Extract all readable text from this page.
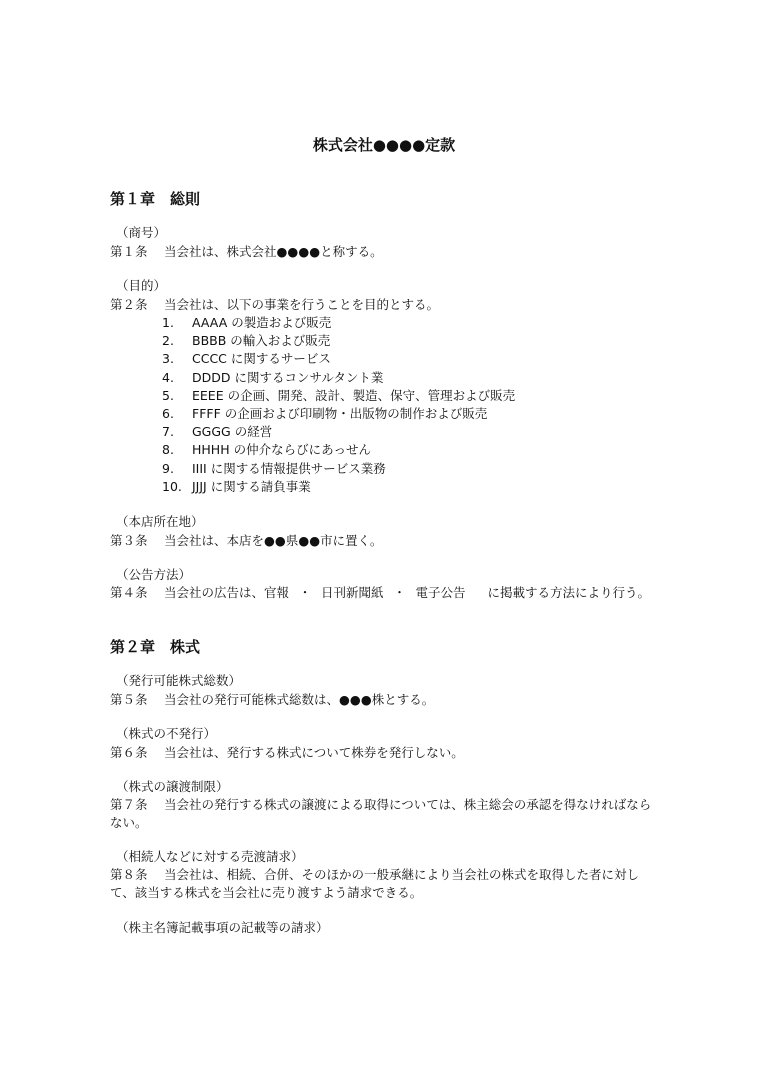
株式会社●●●●定款
第１章　総則
（商号）
第１条 当会社は、株式会社●●●●と称する。
（目的）
第２条 当会社は、以下の事業を行うことを目的とする。
1. AAAA の製造および販売
2. BBBB の輸入および販売
3. CCCC に関するサービス
4. DDDD に関するコンサルタント業
5. EEEE の企画、開発、設計、製造、保守、管理および販売
6. FFFF の企画および印刷物・出版物の制作および販売
7. GGGG の経営
8. HHHH の仲介ならびにあっせん
9. IIII に関する情報提供サービス業務
10. JJJJ に関する請負事業
（本店所在地）
第３条 当会社は、本店を●●県●●市に置く。
（公告方法）
第４条 当会社の広告は、官報 ・ 日刊新聞紙 ・ 電子公告 に掲載する方法により行う。
第２章　株式
（発行可能株式総数）
第５条 当会社の発行可能株式総数は、●●●株とする。
（株式の不発行）
第６条 当会社は、発行する株式について株券を発行しない。
（株式の譲渡制限）
第７条 当会社の発行する株式の譲渡による取得については、株主総会の承認を得なければならない。
（相続人などに対する売渡請求）
第８条 当会社は、相続、合併、そのほかの一般承継により当会社の株式を取得した者に対して、該当する株式を当会社に売り渡すよう請求できる。
（株主名簿記載事項の記載等の請求）
